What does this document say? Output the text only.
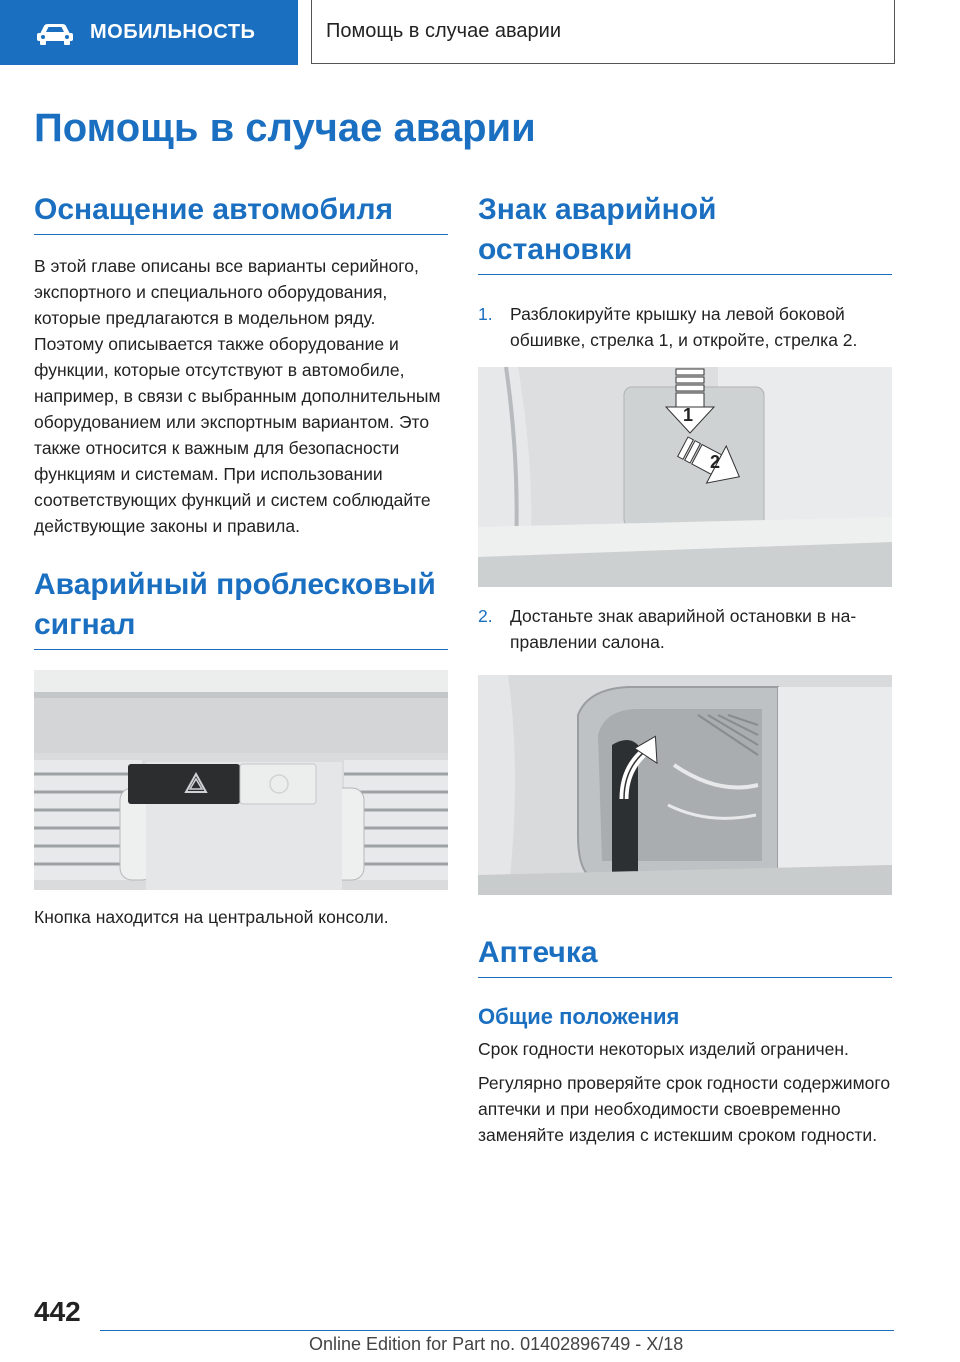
МОБИЛЬНОСТЬ	Помощь в случае аварии
Помощь в случае аварии
Оснащение автомобиля

В этой главе описаны все варианты серийного, экспортного и специального оборудования, которые предлагаются в модельном ряду. Поэтому описывается также оборудование и функции, которые отсутствуют в автомобиле, например, в связи с выбранным дополнительным оборудованием или экспортным вариантом. Это также относится к важным для безопасности функциям и системам. При использовании соответствующих функций и систем соблюдайте действующие законы и правила.

Аварийный проблесковый сигнал

Кнопка находится на центральной консоли.

Знак аварийной остановки
1. Разблокируйте крышку на левой боковой обшивке, стрелка 1, и откройте, стрелка 2.
1
2
2. Достаньте знак аварийной остановки в направлении салона.
Аптечка
Общие положения

Срок годности некоторых изделий ограничен.

Регулярно проверяйте срок годности содержимого аптечки и при необходимости своевременно заменяйте изделия с истекшим сроком годности.

442
Online Edition for Part no. 01402896749 - X/18
